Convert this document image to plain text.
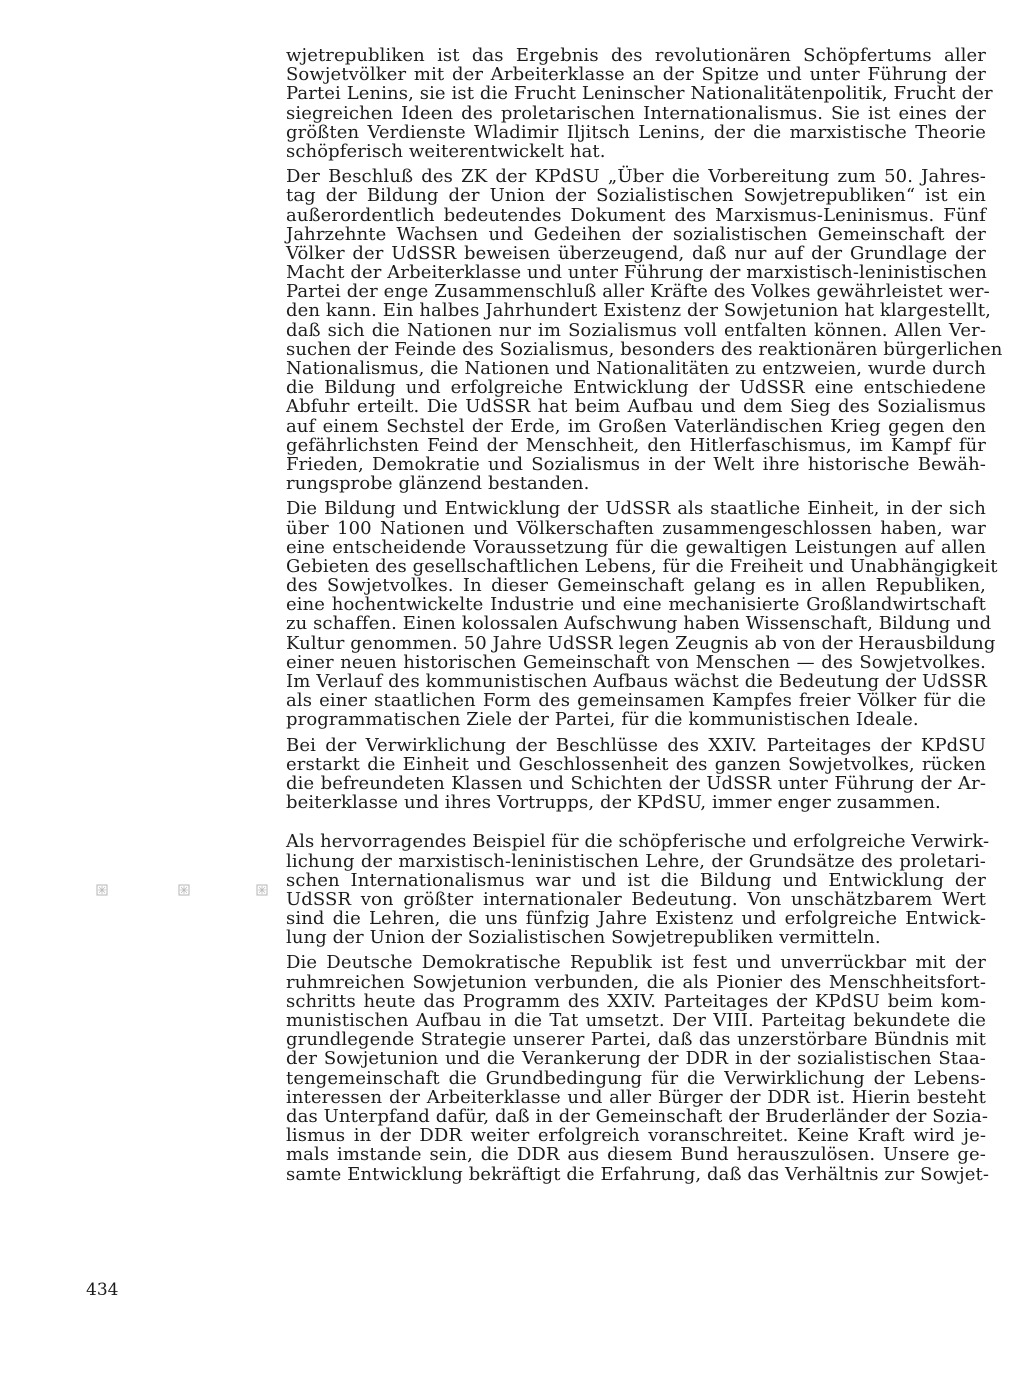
wjetrepubliken ist das Ergebnis des revolutionären Schöpfertums aller
Sowjetvölker mit der Arbeiterklasse an der Spitze und unter Führung der
Partei Lenins, sie ist die Frucht Leninscher Nationalitätenpolitik, Frucht der
siegreichen Ideen des proletarischen Internationalismus. Sie ist eines der
größten Verdienste Wladimir Iljitsch Lenins, der die marxistische Theorie
schöpferisch weiterentwickelt hat.
Der Beschluß des ZK der KPdSU „Über die Vorbereitung zum 50. Jahres-
tag der Bildung der Union der Sozialistischen Sowjetrepubliken“ ist ein
außerordentlich bedeutendes Dokument des Marxismus-Leninismus. Fünf
Jahrzehnte Wachsen und Gedeihen der sozialistischen Gemeinschaft der
Völker der UdSSR beweisen überzeugend, daß nur auf der Grundlage der
Macht der Arbeiterklasse und unter Führung der marxistisch-leninistischen
Partei der enge Zusammenschluß aller Kräfte des Volkes gewährleistet wer-
den kann. Ein halbes Jahrhundert Existenz der Sowjetunion hat klargestellt,
daß sich die Nationen nur im Sozialismus voll entfalten können. Allen Ver-
suchen der Feinde des Sozialismus, besonders des reaktionären bürgerlichen
Nationalismus, die Nationen und Nationalitäten zu entzweien, wurde durch
die Bildung und erfolgreiche Entwicklung der UdSSR eine entschiedene
Abfuhr erteilt. Die UdSSR hat beim Aufbau und dem Sieg des Sozialismus
auf einem Sechstel der Erde, im Großen Vaterländischen Krieg gegen den
gefährlichsten Feind der Menschheit, den Hitlerfaschismus, im Kampf für
Frieden, Demokratie und Sozialismus in der Welt ihre historische Bewäh-
rungsprobe glänzend bestanden.
Die Bildung und Entwicklung der UdSSR als staatliche Einheit, in der sich
über 100 Nationen und Völkerschaften zusammengeschlossen haben, war
eine entscheidende Voraussetzung für die gewaltigen Leistungen auf allen
Gebieten des gesellschaftlichen Lebens, für die Freiheit und Unabhängigkeit
des Sowjetvolkes. In dieser Gemeinschaft gelang es in allen Republiken,
eine hochentwickelte Industrie und eine mechanisierte Großlandwirtschaft
zu schaffen. Einen kolossalen Aufschwung haben Wissenschaft, Bildung und
Kultur genommen. 50 Jahre UdSSR legen Zeugnis ab von der Herausbildung
einer neuen historischen Gemeinschaft von Menschen — des Sowjetvolkes.
Im Verlauf des kommunistischen Aufbaus wächst die Bedeutung der UdSSR
als einer staatlichen Form des gemeinsamen Kampfes freier Völker für die
programmatischen Ziele der Partei, für die kommunistischen Ideale.
Bei der Verwirklichung der Beschlüsse des XXIV. Parteitages der KPdSU
erstarkt die Einheit und Geschlossenheit des ganzen Sowjetvolkes, rücken
die befreundeten Klassen und Schichten der UdSSR unter Führung der Ar-
beiterklasse und ihres Vortrupps, der KPdSU, immer enger zusammen.
Als hervorragendes Beispiel für die schöpferische und erfolgreiche Verwirk-
lichung der marxistisch-leninistischen Lehre, der Grundsätze des proletari-
schen Internationalismus war und ist die Bildung und Entwicklung der
UdSSR von größter internationaler Bedeutung. Von unschätzbarem Wert
sind die Lehren, die uns fünfzig Jahre Existenz und erfolgreiche Entwick-
lung der Union der Sozialistischen Sowjetrepubliken vermitteln.
Die Deutsche Demokratische Republik ist fest und unverrückbar mit der
ruhmreichen Sowjetunion verbunden, die als Pionier des Menschheitsfort-
schritts heute das Programm des XXIV. Parteitages der KPdSU beim kom-
munistischen Aufbau in die Tat umsetzt. Der VIII. Parteitag bekundete die
grundlegende Strategie unserer Partei, daß das unzerstörbare Bündnis mit
der Sowjetunion und die Verankerung der DDR in der sozialistischen Staa-
tengemeinschaft die Grundbedingung für die Verwirklichung der Lebens-
interessen der Arbeiterklasse und aller Bürger der DDR ist. Hierin besteht
das Unterpfand dafür, daß in der Gemeinschaft der Bruderländer der Sozia-
lismus in der DDR weiter erfolgreich voranschreitet. Keine Kraft wird je-
mals imstande sein, die DDR aus diesem Bund herauszulösen. Unsere ge-
samte Entwicklung bekräftigt die Erfahrung, daß das Verhältnis zur Sowjet-
434
